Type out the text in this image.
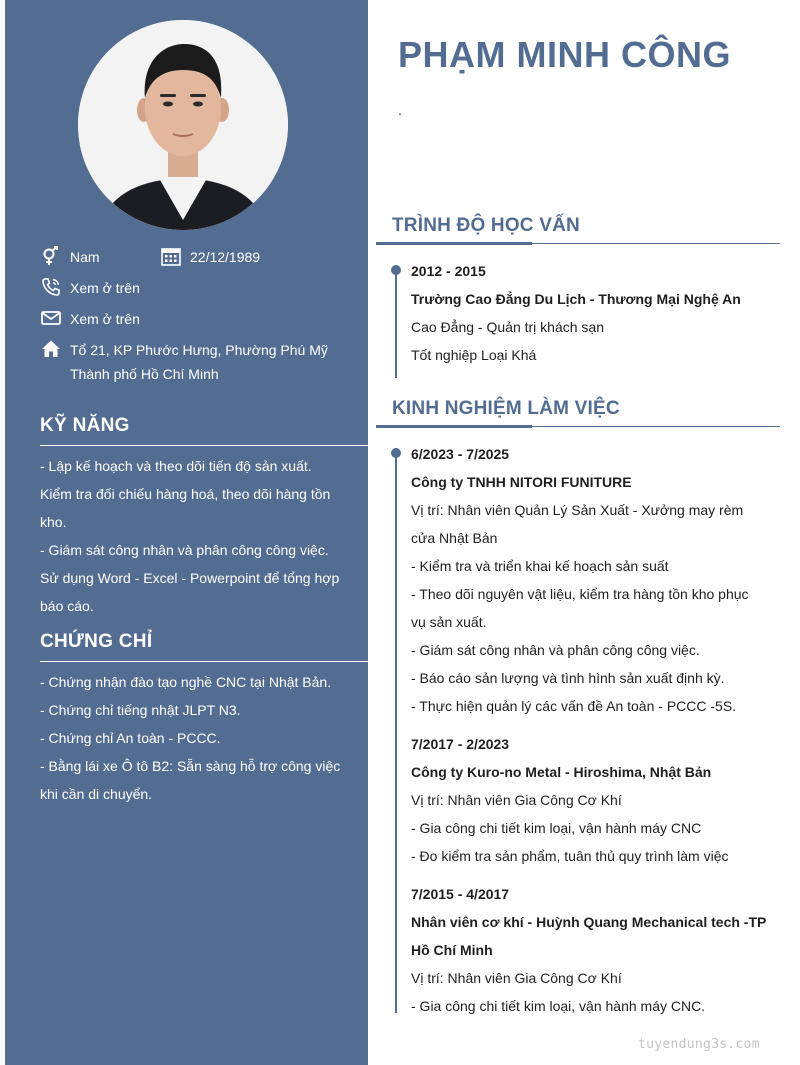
Nam	22/12/1989
Xem ở trên
Xem ở trên
Tổ 21, KP Phước Hưng, Phường Phú Mỹ
Thành phố Hồ Chí Minh
KỸ NĂNG
- Lập kế hoạch và theo dõi tiến độ sản xuất.
Kiểm tra đối chiếu hàng hoá, theo dõi hàng tồn
kho.
- Giám sát công nhân và phân công công việc.
Sử dụng Word - Excel - Powerpoint để tổng hợp
báo cáo.
CHỨNG CHỈ
- Chứng nhận đào tạo nghề CNC tại Nhật Bản.
- Chứng chỉ tiếng nhật JLPT N3.
- Chứng chỉ An toàn - PCCC.
- Bằng lái xe Ô tô B2: Sẵn sàng hỗ trợ công việc
khi cần di chuyển.
PHẠM MINH CÔNG
.
TRÌNH ĐỘ HỌC VẤN
2012 - 2015
Trường Cao Đẳng Du Lịch - Thương Mại Nghệ An
Cao Đẳng - Quản trị khách sạn
Tốt nghiệp Loại Khá
KINH NGHIỆM LÀM VIỆC
6/2023 - 7/2025
Công ty TNHH NITORI FUNITURE
Vị trí: Nhân viên Quản Lý Sản Xuất - Xưởng may rèm
cửa Nhật Bản
- Kiểm tra và triển khai kế hoạch sản suất
- Theo dõi nguyên vật liệu, kiểm tra hàng tồn kho phục
vụ sản xuất.
- Giám sát công nhân và phân công công việc.
- Báo cáo sản lượng và tình hình sản xuất định kỳ.
- Thực hiện quản lý các vấn đề An toàn - PCCC -5S.
7/2017 - 2/2023
Công ty Kuro-no Metal - Hiroshima, Nhật Bản
Vị trí: Nhân viên Gia Công Cơ Khí
- Gia công chi tiết kim loại, vận hành máy CNC
- Đo kiểm tra sản phẩm, tuân thủ quy trình làm việc
7/2015 - 4/2017
Nhân viên cơ khí - Huỳnh Quang Mechanical tech -TP
Hồ Chí Minh
Vị trí: Nhân viên Gia Công Cơ Khí
- Gia công chi tiết kim loại, vận hành máy CNC.
tuyendung3s.com
